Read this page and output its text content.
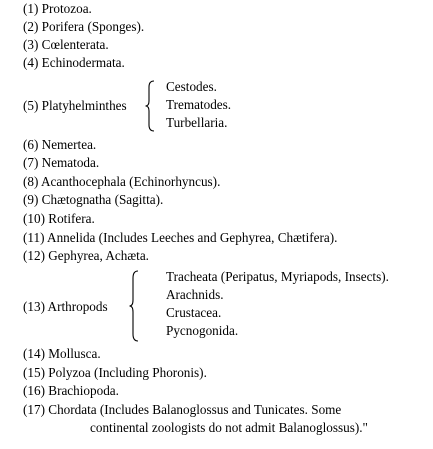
(1) Protozoa.
(2) Porifera (Sponges).
(3) Cœlenterata.
(4) Echinodermata.
(5) Platyhelminthes
Cestodes.
Trematodes.
Turbellaria.
(6) Nemertea.
(7) Nematoda.
(8) Acanthocephala (Echinorhyncus).
(9) Chætognatha (Sagitta).
(10) Rotifera.
(11) Annelida (Includes Leeches and Gephyrea, Chætifera).
(12) Gephyrea, Achæta.
(13) Arthropods
Tracheata (Peripatus, Myriapods, Insects).
Arachnids.
Crustacea.
Pycnogonida.
(14) Mollusca.
(15) Polyzoa (Including Phoronis).
(16) Brachiopoda.
(17) Chordata (Includes Balanoglossus and Tunicates. Some
continental zoologists do not admit Balanoglossus)."
